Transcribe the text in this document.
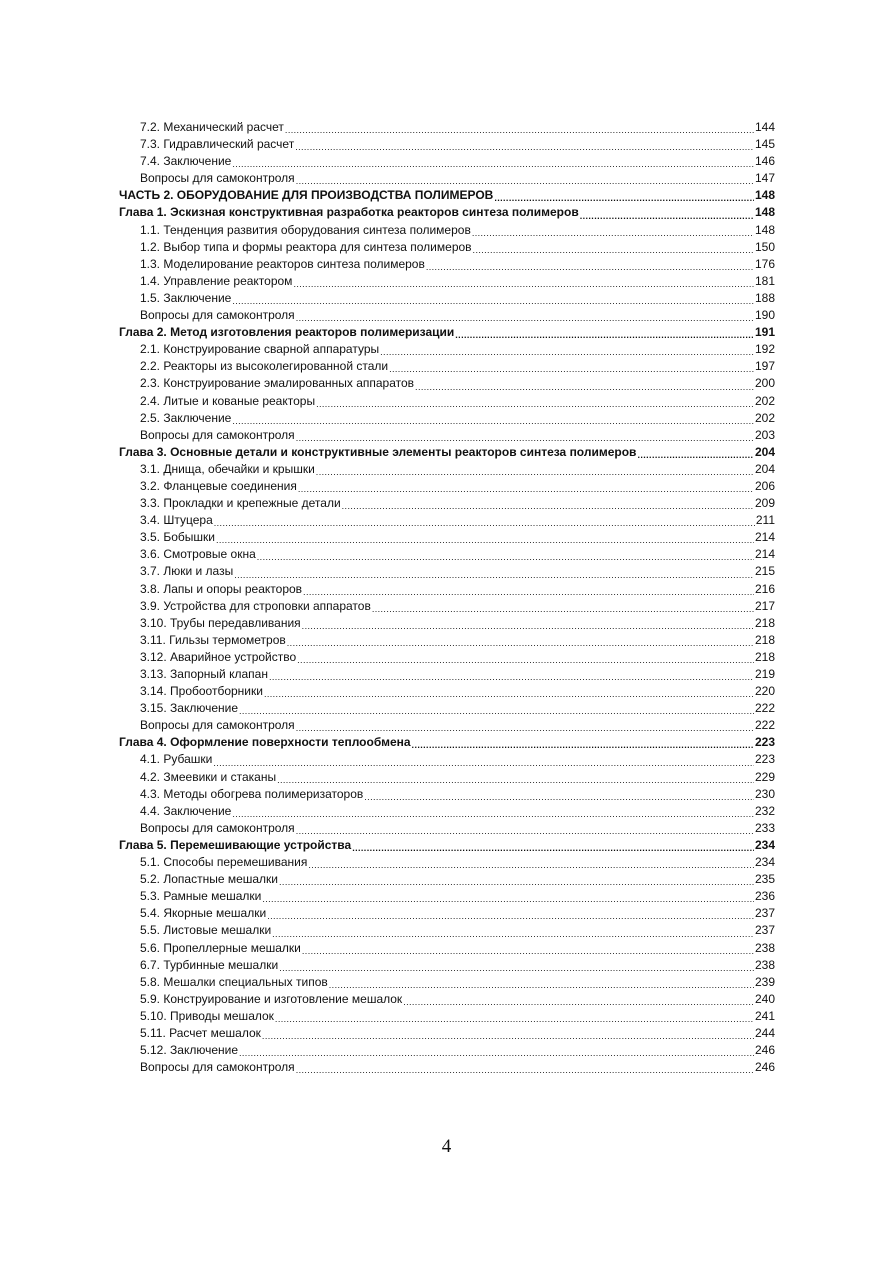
7.2. Механический расчет .....	144
7.3. Гидравлический расчет .....	145
7.4. Заключение .....	146
Вопросы для самоконтроля .....	147
ЧАСТЬ 2. ОБОРУДОВАНИЕ ДЛЯ ПРОИЗВОДСТВА ПОЛИМЕРОВ .....	148
Глава 1. Эскизная конструктивная разработка реакторов синтеза полимеров .....	148
1.1. Тенденция развития оборудования синтеза полимеров .....	148
1.2. Выбор типа и формы реактора для синтеза полимеров .....	150
1.3. Моделирование реакторов синтеза полимеров .....	176
1.4. Управление реактором .....	181
1.5. Заключение .....	188
Вопросы для самоконтроля .....	190
Глава 2. Метод изготовления реакторов полимеризации .....	191
2.1. Конструирование сварной аппаратуры .....	192
2.2. Реакторы из высоколегированной стали .....	197
2.3. Конструирование эмалированных аппаратов .....	200
2.4. Литые и кованые реакторы .....	202
2.5. Заключение .....	202
Вопросы для самоконтроля .....	203
Глава 3. Основные детали и конструктивные элементы реакторов синтеза полимеров .....	204
3.1. Днища, обечайки и крышки .....	204
3.2. Фланцевые соединения .....	206
3.3. Прокладки и крепежные детали .....	209
3.4. Штуцера .....	211
3.5. Бобышки .....	214
3.6. Смотровые окна .....	214
3.7. Люки и лазы .....	215
3.8. Лапы и опоры реакторов .....	216
3.9. Устройства для строповки аппаратов .....	217
3.10. Трубы передавливания .....	218
3.11. Гильзы термометров .....	218
3.12. Аварийное устройство .....	218
3.13. Запорный клапан .....	219
3.14. Пробоотборники .....	220
3.15. Заключение .....	222
Вопросы для самоконтроля .....	222
Глава 4. Оформление поверхности теплообмена .....	223
4.1. Рубашки .....	223
4.2. Змеевики и стаканы .....	229
4.3. Методы обогрева полимеризаторов .....	230
4.4. Заключение .....	232
Вопросы для самоконтроля .....	233
Глава 5. Перемешивающие устройства .....	234
5.1. Способы перемешивания .....	234
5.2. Лопастные мешалки .....	235
5.3. Рамные мешалки .....	236
5.4. Якорные мешалки .....	237
5.5. Листовые мешалки .....	237
5.6. Пропеллерные мешалки .....	238
6.7. Турбинные мешалки .....	238
5.8. Мешалки специальных типов .....	239
5.9. Конструирование и изготовление мешалок .....	240
5.10. Приводы мешалок .....	241
5.11. Расчет мешалок .....	244
5.12. Заключение .....	246
Вопросы для самоконтроля .....	246
4
